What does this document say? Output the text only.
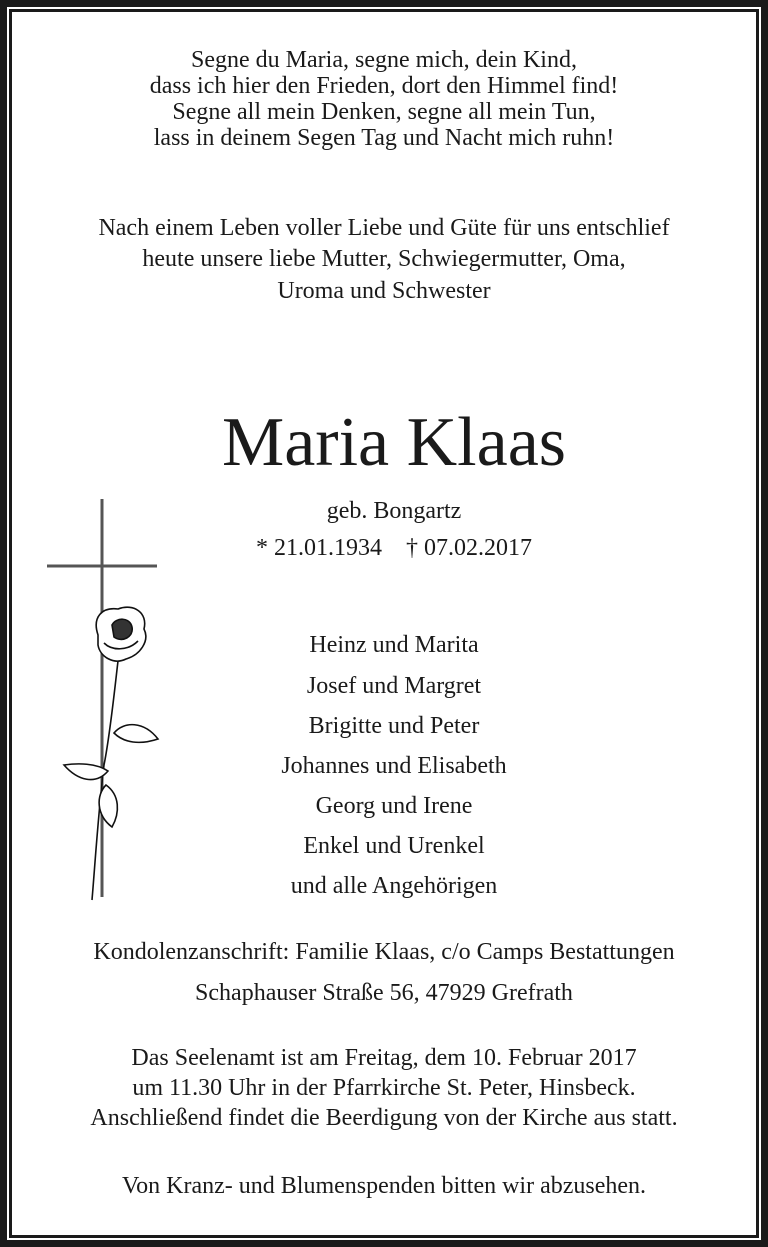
Segne du Maria, segne mich, dein Kind,
dass ich hier den Frieden, dort den Himmel find!
Segne all mein Denken, segne all mein Tun,
lass in deinem Segen Tag und Nacht mich ruhn!
Nach einem Leben voller Liebe und Güte für uns entschlief
heute unsere liebe Mutter, Schwiegermutter, Oma,
Uroma und Schwester
Maria Klaas
geb. Bongartz
* 21.01.1934    † 07.02.2017
Heinz und Marita
Josef und Margret
Brigitte und Peter
Johannes und Elisabeth
Georg und Irene
Enkel und Urenkel
und alle Angehörigen
Kondolenzanschrift: Familie Klaas, c/o Camps Bestattungen
Schaphauser Straße 56, 47929 Grefrath
Das Seelenamt ist am Freitag, dem 10. Februar 2017
um 11.30 Uhr in der Pfarrkirche St. Peter, Hinsbeck.
Anschließend findet die Beerdigung von der Kirche aus statt.
Von Kranz- und Blumenspenden bitten wir abzusehen.
